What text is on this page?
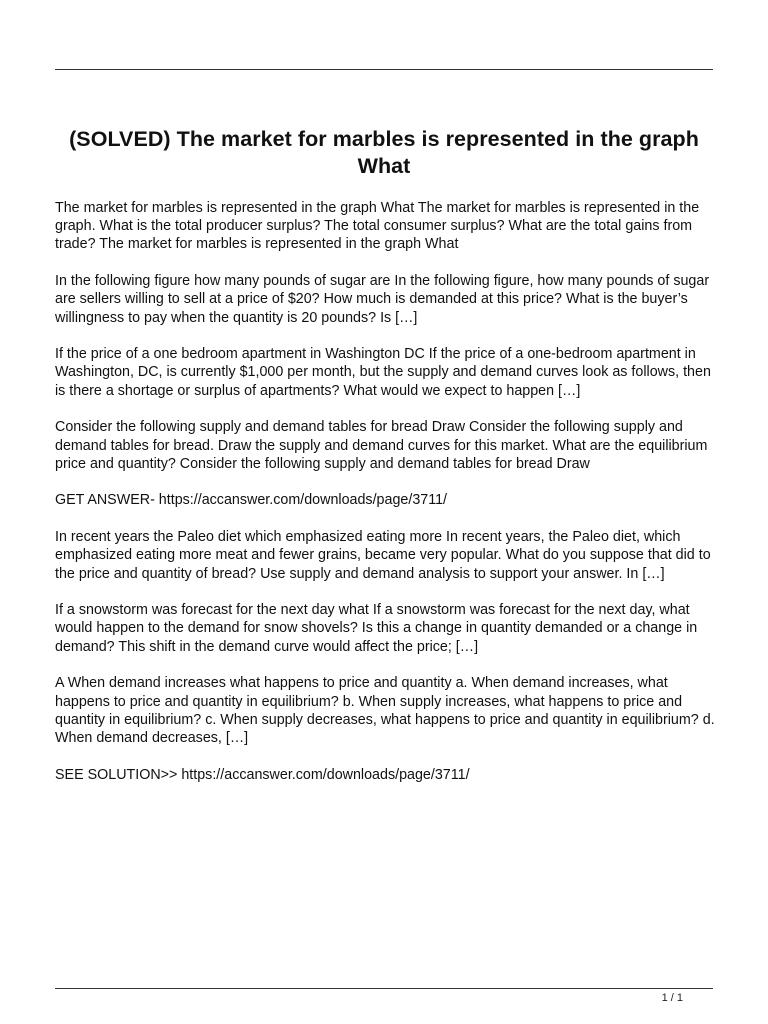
(SOLVED) The market for marbles is represented in the graph What

The market for marbles is represented in the graph What The market for marbles is represented in the graph. What is the total producer surplus? The total consumer surplus? What are the total gains from trade? The market for marbles is represented in the graph What

In the following figure how many pounds of sugar are In the following figure, how many pounds of sugar are sellers willing to sell at a price of $20? How much is demanded at this price? What is the buyer’s willingness to pay when the quantity is 20 pounds? Is […]

If the price of a one bedroom apartment in Washington DC If the price of a one-bedroom apartment in Washington, DC, is currently $1,000 per month, but the supply and demand curves look as follows, then is there a shortage or surplus of apartments? What would we expect to happen […]

Consider the following supply and demand tables for bread Draw Consider the following supply and demand tables for bread. Draw the supply and demand curves for this market. What are the equilibrium price and quantity? Consider the following supply and demand tables for bread Draw

GET ANSWER- https://accanswer.com/downloads/page/3711/

In recent years the Paleo diet which emphasized eating more In recent years, the Paleo diet, which emphasized eating more meat and fewer grains, became very popular. What do you suppose that did to the price and quantity of bread? Use supply and demand analysis to support your answer. In […]

If a snowstorm was forecast for the next day what If a snowstorm was forecast for the next day, what would happen to the demand for snow shovels? Is this a change in quantity demanded or a change in demand? This shift in the demand curve would affect the price; […]

A When demand increases what happens to price and quantity a. When demand increases, what happens to price and quantity in equilibrium? b. When supply increases, what happens to price and quantity in equilibrium? c. When supply decreases, what happens to price and quantity in equilibrium? d. When demand decreases, […]

SEE SOLUTION>> https://accanswer.com/downloads/page/3711/

1 / 1
